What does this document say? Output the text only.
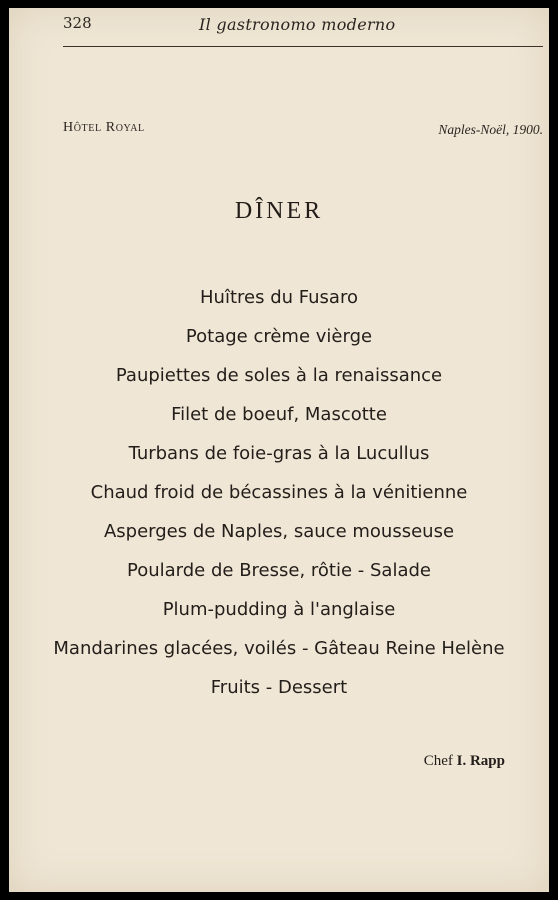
328	Il gastronomo moderno
Hôtel Royal	Naples-Noël, 1900.
DÎNER
Huîtres du Fusaro
Potage crème vièrge
Paupiettes de soles à la renaissance
Filet de boeuf, Mascotte
Turbans de foie-gras à la Lucullus
Chaud froid de bécassines à la vénitienne
Asperges de Naples, sauce mousseuse
Poularde de Bresse, rôtie - Salade
Plum-pudding à l'anglaise
Mandarines glacées, voilés - Gâteau Reine Helène
Fruits - Dessert
Chef I. Rapp
